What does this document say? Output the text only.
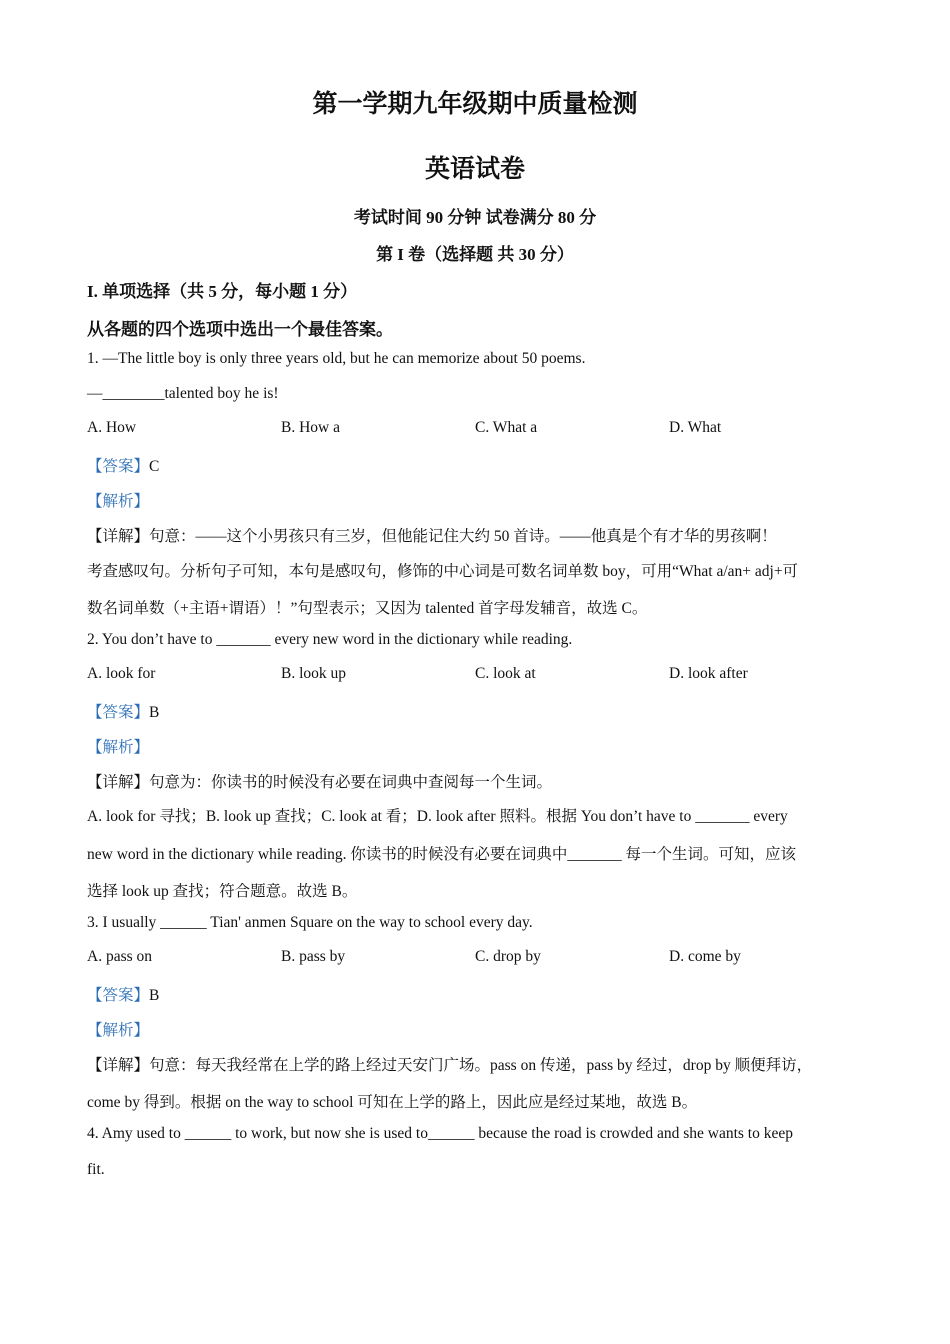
第一学期九年级期中质量检测
英语试卷
考试时间 90 分钟 试卷满分 80 分
第 I 卷（选择题 共 30 分）
I. 单项选择（共 5 分，每小题 1 分）
从各题的四个选项中选出一个最佳答案。
1. —The little boy is only three years old, but he can memorize about 50 poems.
—________talented boy he is!
A. How	B. How a	C. What a	D. What
【答案】C
【解析】
【详解】句意：——这个小男孩只有三岁，但他能记住大约 50 首诗。——他真是个有才华的男孩啊！
考查感叹句。分析句子可知，本句是感叹句，修饰的中心词是可数名词单数 boy，可用“What a/an+ adj+可
数名词单数（+主语+谓语）！”句型表示；又因为 talented 首字母发辅音，故选 C。
2. You don’t have to _______ every new word in the dictionary while reading.
A. look for	B. look up	C. look at	D. look after
【答案】B
【解析】
【详解】句意为：你读书的时候没有必要在词典中查阅每一个生词。
A. look for 寻找；B. look up 查找；C. look at 看；D. look after 照料。根据 You don’t have to _______ every
new word in the dictionary while reading. 你读书的时候没有必要在词典中_______ 每一个生词。可知，应该
选择 look up 查找；符合题意。故选 B。
3. I usually ______ Tian' anmen Square on the way to school every day.
A. pass on	B. pass by	C. drop by	D. come by
【答案】B
【解析】
【详解】句意：每天我经常在上学的路上经过天安门广场。pass on 传递，pass by 经过，drop by 顺便拜访，
come by 得到。根据 on the way to school 可知在上学的路上，因此应是经过某地，故选 B。
4. Amy used to ______ to work, but now she is used to______ because the road is crowded and she wants to keep
fit.
